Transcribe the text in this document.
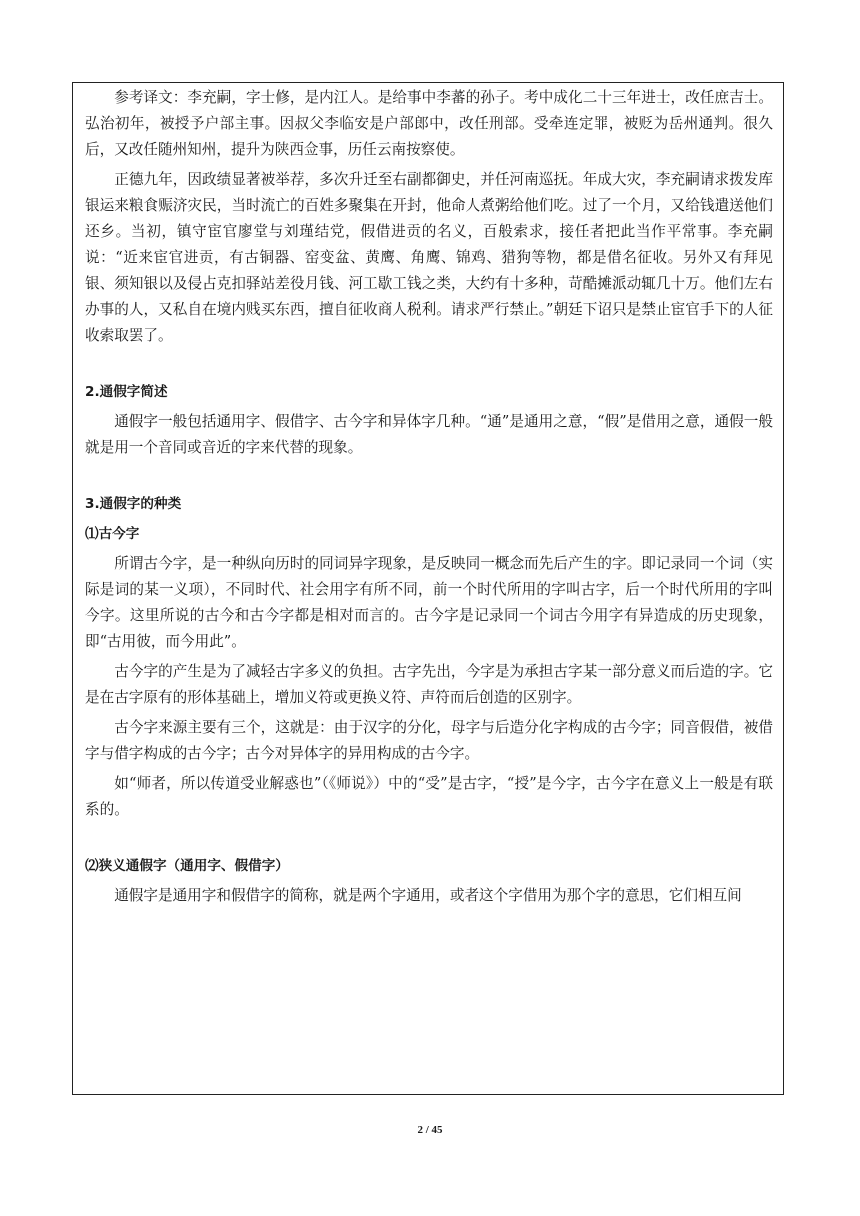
参考译文：李充嗣，字士修，是内江人。是给事中李蕃的孙子。考中成化二十三年进士，改任庶吉士。弘治初年，被授予户部主事。因叔父李临安是户部郎中，改任刑部。受牵连定罪，被贬为岳州通判。很久后，又改任随州知州，提升为陕西佥事，历任云南按察使。

正德九年，因政绩显著被举荐，多次升迁至右副都御史，并任河南巡抚。年成大灾，李充嗣请求拨发库银运来粮食赈济灾民，当时流亡的百姓多聚集在开封，他命人煮粥给他们吃。过了一个月，又给钱遣送他们还乡。当初，镇守宦官廖堂与刘瑾结党，假借进贡的名义，百般索求，接任者把此当作平常事。李充嗣说：“近来宦官进贡，有古铜器、窑变盆、黄鹰、角鹰、锦鸡、猎狗等物，都是借名征收。另外又有拜见银、须知银以及侵占克扣驿站差役月钱、河工歇工钱之类，大约有十多种，苛酷摊派动辄几十万。他们左右办事的人，又私自在境内贱买东西，擅自征收商人税利。请求严行禁止。”朝廷下诏只是禁止宦官手下的人征收索取罢了。

2.通假字简述

通假字一般包括通用字、假借字、古今字和异体字几种。“通”是通用之意，“假”是借用之意，通假一般就是用一个音同或音近的字来代替的现象。

3.通假字的种类

⑴古今字

所谓古今字，是一种纵向历时的同词异字现象，是反映同一概念而先后产生的字。即记录同一个词（实际是词的某一义项），不同时代、社会用字有所不同，前一个时代所用的字叫古字，后一个时代所用的字叫今字。这里所说的古今和古今字都是相对而言的。古今字是记录同一个词古今用字有异造成的历史现象，即“古用彼，而今用此”。

古今字的产生是为了减轻古字多义的负担。古字先出，今字是为承担古字某一部分意义而后造的字。它是在古字原有的形体基础上，增加义符或更换义符、声符而后创造的区别字。

古今字来源主要有三个，这就是：由于汉字的分化，母字与后造分化字构成的古今字；同音假借，被借字与借字构成的古今字；古今对异体字的异用构成的古今字。

如“师者，所以传道受业解惑也”（《师说》）中的“受”是古字，“授”是今字，古今字在意义上一般是有联系的。

⑵狭义通假字（通用字、假借字）

通假字是通用字和假借字的简称，就是两个字通用，或者这个字借用为那个字的意思，它们相互间

2 / 45
